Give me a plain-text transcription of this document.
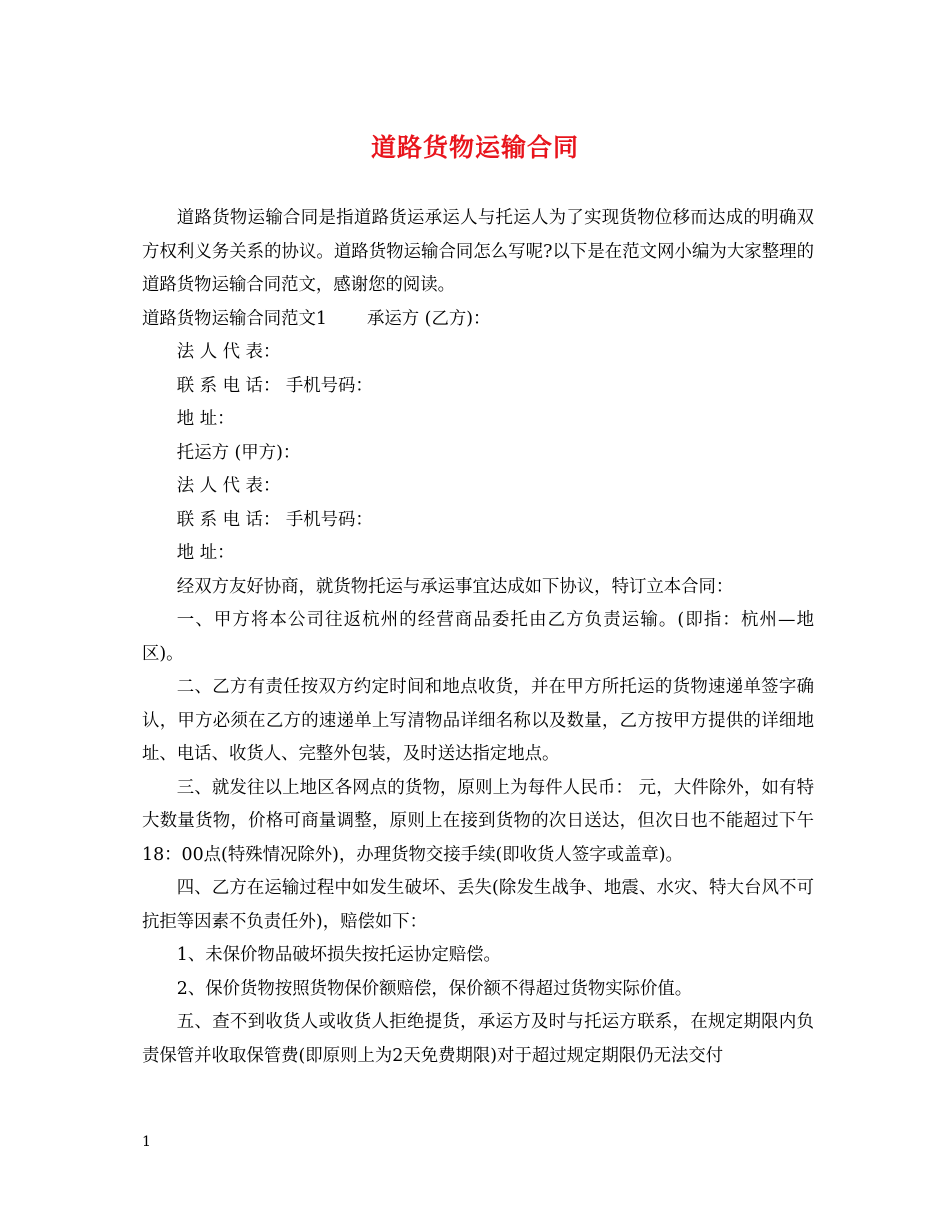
道路货物运输合同

道路货物运输合同是指道路货运承运人与托运人为了实现货物位移而达成的明确双方权利义务关系的协议。道路货物运输合同怎么写呢?以下是在范文网小编为大家整理的道路货物运输合同范文，感谢您的阅读。

道路货物运输合同范文1 承运方 (乙方)：

法 人 代 表：

联 系 电 话： 手机号码：

地 址：

托运方 (甲方)：

法 人 代 表：

联 系 电 话： 手机号码：

地 址：

经双方友好协商，就货物托运与承运事宜达成如下协议，特订立本合同：

一、甲方将本公司往返杭州的经营商品委托由乙方负责运输。(即指：杭州—地区)。

二、乙方有责任按双方约定时间和地点收货，并在甲方所托运的货物速递单签字确认，甲方必须在乙方的速递单上写清物品详细名称以及数量，乙方按甲方提供的详细地址、电话、收货人、完整外包装，及时送达指定地点。

三、就发往以上地区各网点的货物，原则上为每件人民币： 元，大件除外，如有特大数量货物，价格可商量调整，原则上在接到货物的次日送达，但次日也不能超过下午18：00点(特殊情况除外)，办理货物交接手续(即收货人签字或盖章)。

四、乙方在运输过程中如发生破坏、丢失(除发生战争、地震、水灾、特大台风不可抗拒等因素不负责任外)，赔偿如下：

1、未保价物品破坏损失按托运协定赔偿。

2、保价货物按照货物保价额赔偿，保价额不得超过货物实际价值。

五、查不到收货人或收货人拒绝提货，承运方及时与托运方联系，在规定期限内负责保管并收取保管费(即原则上为2天免费期限)对于超过规定期限仍无法交付

1
